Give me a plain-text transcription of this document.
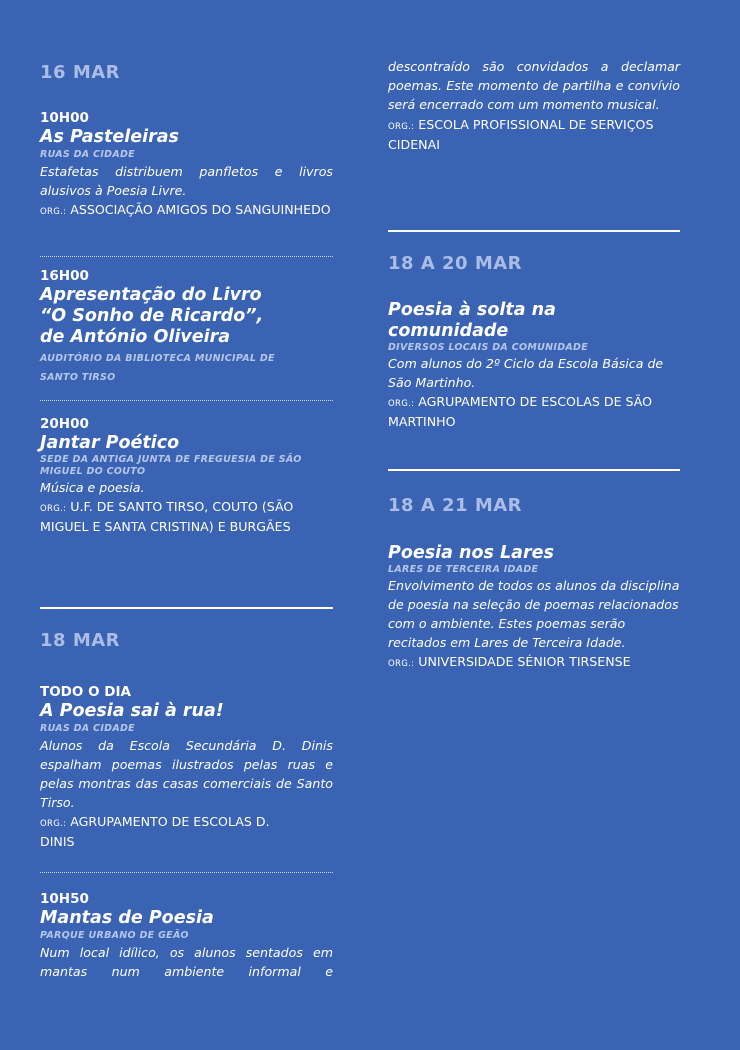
16 MAR
10H00
As Pasteleiras
RUAS DA CIDADE
Estafetas distribuem panfletos e livros alusivos à Poesia Livre.
ORG.: ASSOCIAÇÃO AMIGOS DO SANGUINHEDO
16H00
Apresentação do Livro
“O Sonho de Ricardo”,
de António Oliveira
AUDITÓRIO DA BIBLIOTECA MUNICIPAL DE SANTO TIRSO
20H00
Jantar Poético
SEDE DA ANTIGA JUNTA DE FREGUESIA DE SÃO MIGUEL DO COUTO
Música e poesia.
ORG.: U.F. DE SANTO TIRSO, COUTO (SÃO MIGUEL E SANTA CRISTINA) E BURGÃES
18 MAR
TODO O DIA
A Poesia sai à rua!
RUAS DA CIDADE
Alunos da Escola Secundária D. Dinis espalham poemas ilustrados pelas ruas e pelas montras das casas comerciais de Santo Tirso.
ORG.: AGRUPAMENTO DE ESCOLAS D. DINIS
10H50
Mantas de Poesia
PARQUE URBANO DE GEÃO
Num local idílico, os alunos sentados em mantas num ambiente informal e
descontraído são convidados a declamar poemas. Este momento de partilha e convívio será encerrado com um momento musical.
ORG.: ESCOLA PROFISSIONAL DE SERVIÇOS CIDENAI
18 A 20 MAR
Poesia à solta na comunidade
DIVERSOS LOCAIS DA COMUNIDADE
Com alunos do 2º Ciclo da Escola Básica de São Martinho.
ORG.: AGRUPAMENTO DE ESCOLAS DE SÃO MARTINHO
18 A 21 MAR
Poesia nos Lares
LARES DE TERCEIRA IDADE
Envolvimento de todos os alunos da disciplina de poesia na seleção de poemas relacionados com o ambiente. Estes poemas serão recitados em Lares de Terceira Idade.
ORG.: UNIVERSIDADE SÉNIOR TIRSENSE
